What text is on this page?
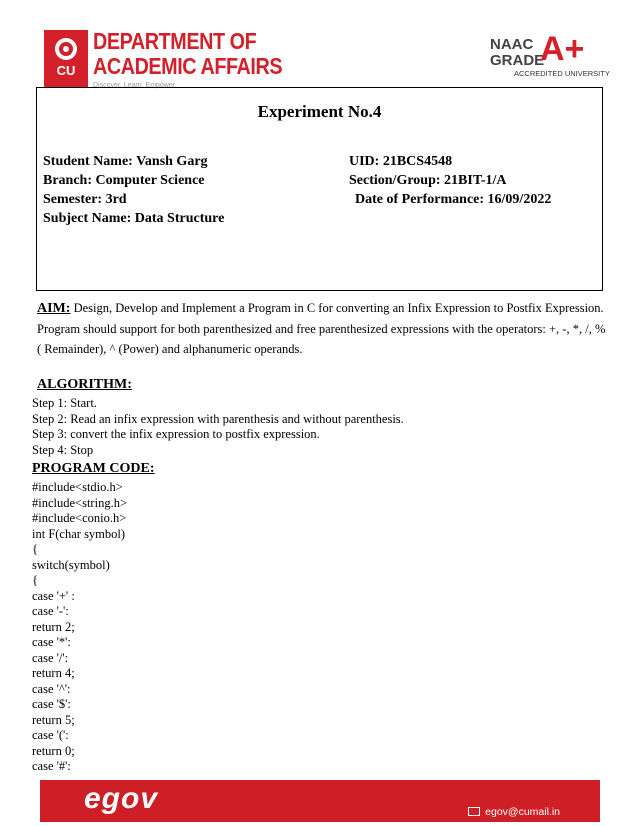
CU
DEPARTMENT OF
ACADEMIC AFFAIRS
Discover. Learn. Empower.
NAAC
GRADE
A+
ACCREDITED UNIVERSITY
Experiment No.4
Student Name: Vansh Garg	UID: 21BCS4548
Branch: Computer Science	Section/Group: 21BIT-1/A
Semester: 3rd	Date of Performance: 16/09/2022
Subject Name: Data Structure
AIM: Design, Develop and Implement a Program in C for converting an Infix Expression to Postfix Expression. Program should support for both parenthesized and free parenthesized expressions with the operators: +, -, *, /, %( Remainder), ^ (Power) and alphanumeric operands.
ALGORITHM:
Step 1: Start.
Step 2: Read an infix expression with parenthesis and without parenthesis.
Step 3: convert the infix expression to postfix expression.
Step 4: Stop
PROGRAM CODE:
#include<stdio.h>
#include<string.h>
#include<conio.h>
int F(char symbol)
{
switch(symbol)
{
case '+' :
case '-':
return 2;
case '*':
case '/':
return 4;
case '^':
case '$':
return 5;
case '(':
return 0;
case '#':
egov	egov@cumail.in
